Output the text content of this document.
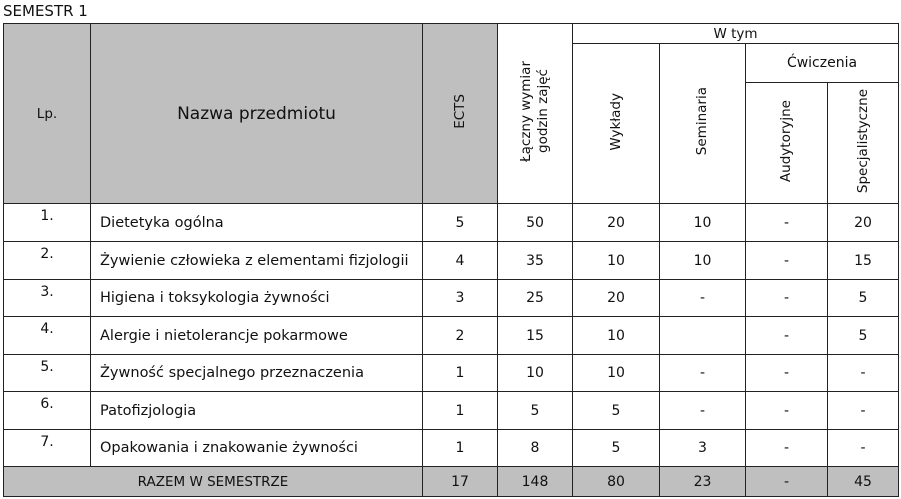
SEMESTR 1
Lp.	Nazwa przedmiotu	ECTS	Łączny wymiar
godzin zajęć	W tym			
				Wykłady	Seminaria	Ćwiczenia	
						Audytoryjne	Specjalistyczne
1.	Dietetyka ogólna	5	50	20	10	-	20
2.	Żywienie człowieka z elementami fizjologii	4	35	10	10	-	15
3.	Higiena i toksykologia żywności	3	25	20	-	-	5
4.	Alergie i nietolerancje pokarmowe	2	15	10		-	5
5.	Żywność specjalnego przeznaczenia	1	10	10	-	-	-
6.	Patofizjologia	1	5	5	-	-	-
7.	Opakowania i znakowanie żywności	1	8	5	3	-	-
RAZEM W SEMESTRZE		17	148	80	23	-	45
